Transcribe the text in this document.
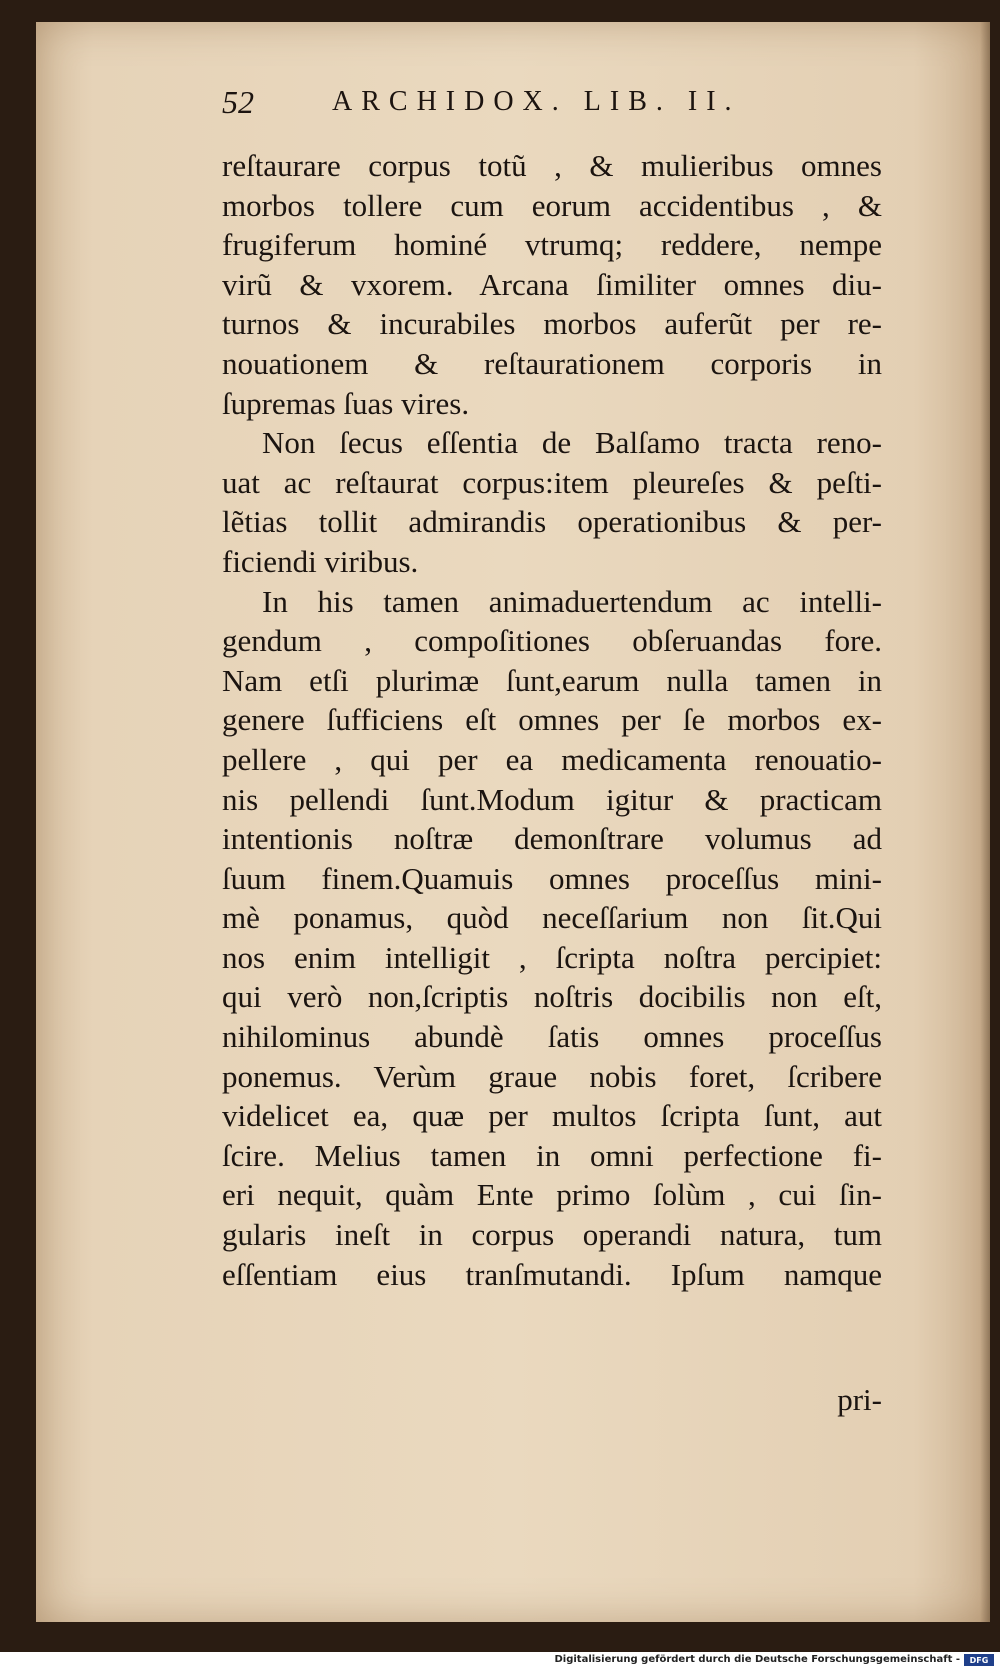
52	ARCHIDOX. LIB. II.
reſtaurare corpus totũ , & mulieribus omnes
morbos tollere cum eorum accidentibus , &
frugiferum hominé vtrumq; reddere, nempe
virũ & vxorem. Arcana ſimiliter omnes diu-
turnos & incurabiles morbos auferũt per re-
nouationem & reſtaurationem corporis in
ſupremas ſuas vires.
Non ſecus eſſentia de Balſamo tracta reno-
uat ac reſtaurat corpus:item pleureſes & peſti-
lẽtias tollit admirandis operationibus & per-
ficiendi viribus.
In his tamen animaduertendum ac intelli-
gendum , compoſitiones obſeruandas fore.
Nam etſi plurimæ ſunt,earum nulla tamen in
genere ſufficiens eſt omnes per ſe morbos ex-
pellere , qui per ea medicamenta renouatio-
nis pellendi ſunt.Modum igitur & practicam
intentionis noſtræ demonſtrare volumus ad
ſuum finem.Quamuis omnes proceſſus mini-
mè ponamus, quòd neceſſarium non ſit.Qui
nos enim intelligit , ſcripta noſtra percipiet:
qui verò non,ſcriptis noſtris docibilis non eſt,
nihilominus abundè ſatis omnes proceſſus
ponemus. Verùm graue nobis foret, ſcribere
videlicet ea, quæ per multos ſcripta ſunt, aut
ſcire. Melius tamen in omni perfectione fi-
eri nequit, quàm Ente primo ſolùm , cui ſin-
gularis ineſt in corpus operandi natura, tum
eſſentiam eius tranſmutandi. Ipſum namque
pri-
Digitalisierung gefördert durch die Deutsche Forschungsgemeinschaft - DFG
